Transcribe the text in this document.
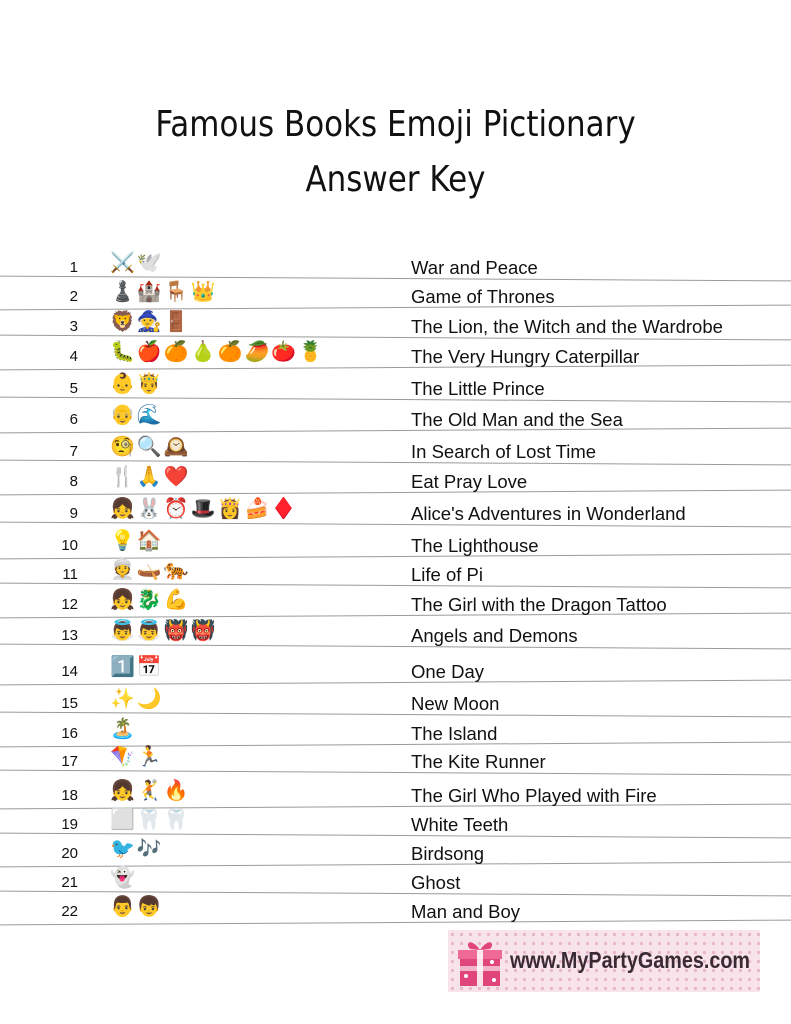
Famous Books Emoji Pictionary
Answer Key
1 ⚔️🕊️	War and Peace
2 ♟️🏰🪑👑	Game of Thrones
3 🦁🧙🚪	The Lion, the Witch and the Wardrobe
4 🐛🍎🍊🍐🍊🥭🍅🍍	The Very Hungry Caterpillar
5 👶🤴	The Little Prince
6 👴🌊	The Old Man and the Sea
7 🧐🔍🕰️	In Search of Lost Time
8 🍴🙏❤️	Eat Pray Love
9 👧🐰⏰🎩👸🍰♦️	Alice's Adventures in Wonderland
10 💡🏠	The Lighthouse
11 👳🛶🐅	Life of Pi
12 👧🐉💪	The Girl with the Dragon Tattoo
13 👼👼👹👹	Angels and Demons
14 1️⃣📅	One Day
15 ✨🌙	New Moon
16 🏝️	The Island
17 🪁🏃	The Kite Runner
18 👧🤾🔥	The Girl Who Played with Fire
19 ⬜🦷🦷	White Teeth
20 🐦🎶	Birdsong
21 👻	Ghost
22 👨👦	Man and Boy
www.MyPartyGames.com
